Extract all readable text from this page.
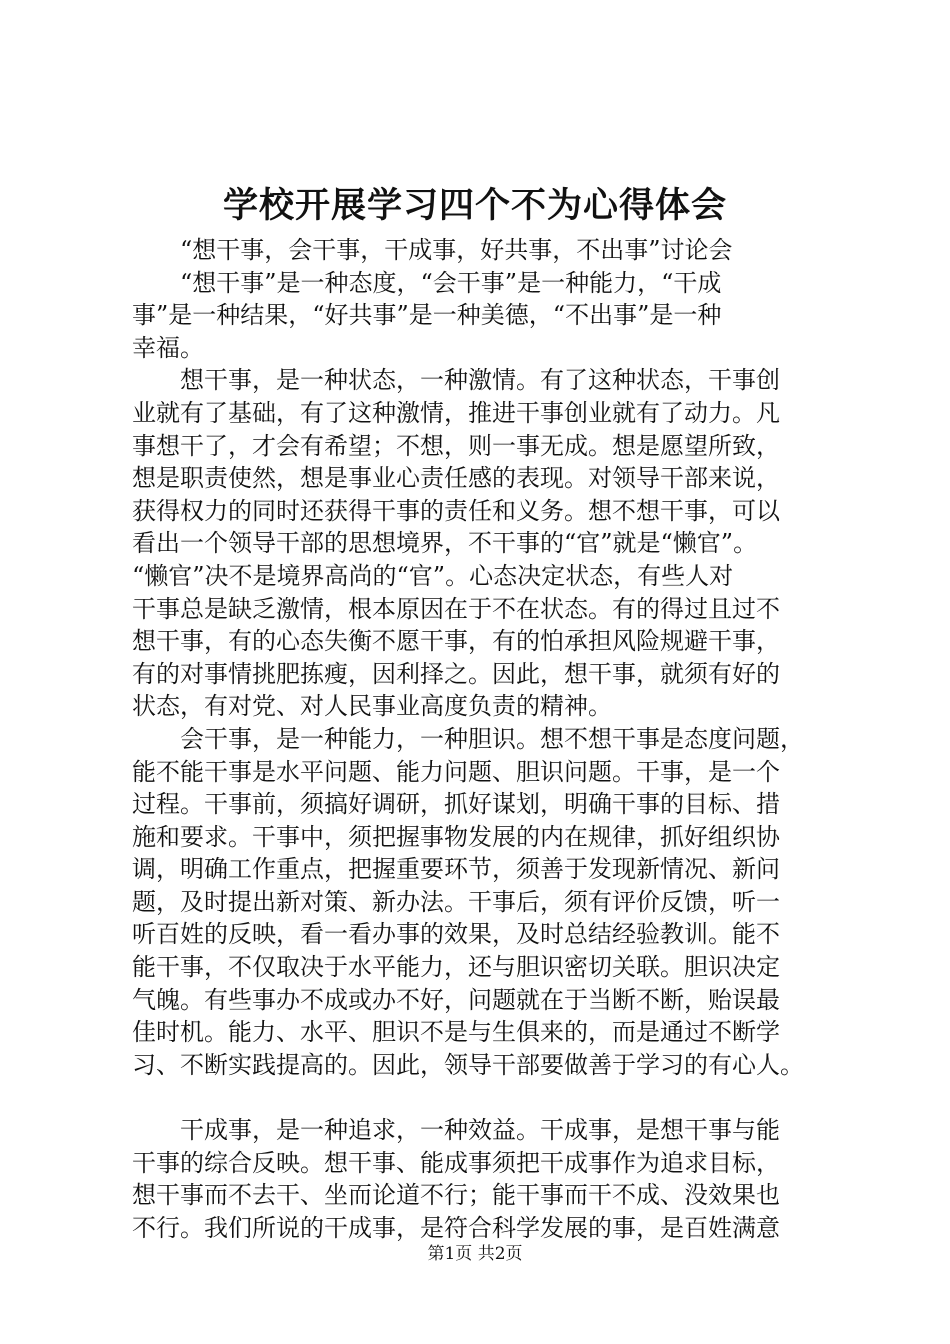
学校开展学习四个不为心得体会
“想干事，会干事，干成事，好共事，不出事”讨论会
“想干事”是一种态度，“会干事”是一种能力，“干成
事”是一种结果，“好共事”是一种美德，“不出事”是一种
幸福。
想干事，是一种状态，一种激情。有了这种状态，干事创
业就有了基础，有了这种激情，推进干事创业就有了动力。凡
事想干了，才会有希望；不想，则一事无成。想是愿望所致，
想是职责使然，想是事业心责任感的表现。对领导干部来说，
获得权力的同时还获得干事的责任和义务。想不想干事，可以
看出一个领导干部的思想境界，不干事的“官”就是“懒官”。
“懒官”决不是境界高尚的“官”。心态决定状态，有些人对
干事总是缺乏激情，根本原因在于不在状态。有的得过且过不
想干事，有的心态失衡不愿干事，有的怕承担风险规避干事，
有的对事情挑肥拣瘦，因利择之。因此，想干事，就须有好的
状态，有对党、对人民事业高度负责的精神。
会干事，是一种能力，一种胆识。想不想干事是态度问题，
能不能干事是水平问题、能力问题、胆识问题。干事，是一个
过程。干事前，须搞好调研，抓好谋划，明确干事的目标、措
施和要求。干事中，须把握事物发展的内在规律，抓好组织协
调，明确工作重点，把握重要环节，须善于发现新情况、新问
题，及时提出新对策、新办法。干事后，须有评价反馈，听一
听百姓的反映，看一看办事的效果，及时总结经验教训。能不
能干事，不仅取决于水平能力，还与胆识密切关联。胆识决定
气魄。有些事办不成或办不好，问题就在于当断不断，贻误最
佳时机。能力、水平、胆识不是与生俱来的，而是通过不断学
习、不断实践提高的。因此，领导干部要做善于学习的有心人。
干成事，是一种追求，一种效益。干成事，是想干事与能
干事的综合反映。想干事、能成事须把干成事作为追求目标，
想干事而不去干、坐而论道不行；能干事而干不成、没效果也
不行。我们所说的干成事，是符合科学发展的事，是百姓满意
第1页 共2页
